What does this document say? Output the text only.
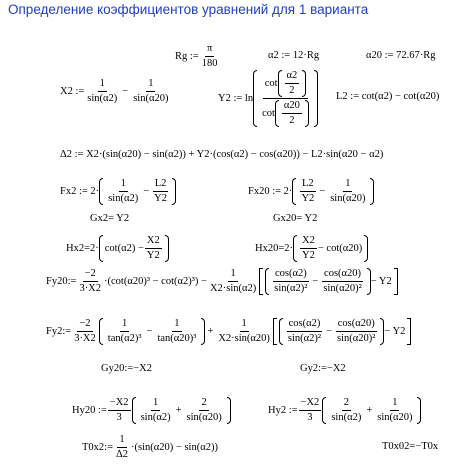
Определение коэффициентов уравнений для 1 варианта
Rg := $\frac{\pi}{180}$	α2 := 12·Rg	α20 := 72.67·Rg
X2 := $\frac{1}{\sin(\alpha 2)} - \frac{1}{\sin(\alpha 20)}$	Y2 := $\ln \frac{\cot \frac{\alpha 2}{2}}{\cot \frac{\alpha 20}{2}} L2$ := cot(α2) − cot(α20)
Δ2 := X2·(sin(α20) − sin(α2)) + Y2·(cos(α2) − cos(α20)) − L2·sin(α20 − α2)
Fx2 := $2\cdot \frac{1}{\sin(\alpha 2)} - \frac{L2}{Y2}$	Fx20 := $2\cdot \frac{L2}{Y2} - \frac{1}{\sin(\alpha 20)}$
Gx2= Y2	Gx20= Y2
$Hx2=2\cdot \cot(\alpha 2) - \frac{X2}{Y2}$	$Hx20=2\cdot \frac{X2}{Y2} - \cot(\alpha 20)$
Fy20:= $\frac{-2}{3\cdot X2} \cdot(\cot(\alpha 20)^3 - \cot(\alpha 2)^3) - \frac{1}{X2\cdot\sin(\alpha 2)} \frac{\cos(\alpha 2)}{\text{sin(α2)²}} - \frac{\cos(\alpha 20)}{\text{sin(α20)²}} - Y2$
Fy2:= $\frac{-2}{3\cdot X2} \frac{1}{\text{tan(α2)³}} - \frac{1}{\text{tan(α20)³}} + \frac{1}{X2\cdot\sin(\alpha 20)} \frac{\cos(\alpha 2)}{\text{sin(α2)²}} - \frac{\cos(\alpha 20)}{\text{sin(α20)²}} - Y2$
Gy20:=−X2	Gy2:=−X2
Hy20 := $\frac{-X2}{3} \frac{1}{\sin(\alpha 2)} + \frac{2}{\sin(\alpha 20)}$	Hy2 := $\frac{-X2}{3} \frac{2}{\sin(\alpha 2)} + \frac{1}{\sin(\alpha 20)}$
T0x2:= $\frac{1}{\Delta 2} \cdot(\sin(\alpha 20) - \sin(\alpha 2))$	T0x02=−T0x
